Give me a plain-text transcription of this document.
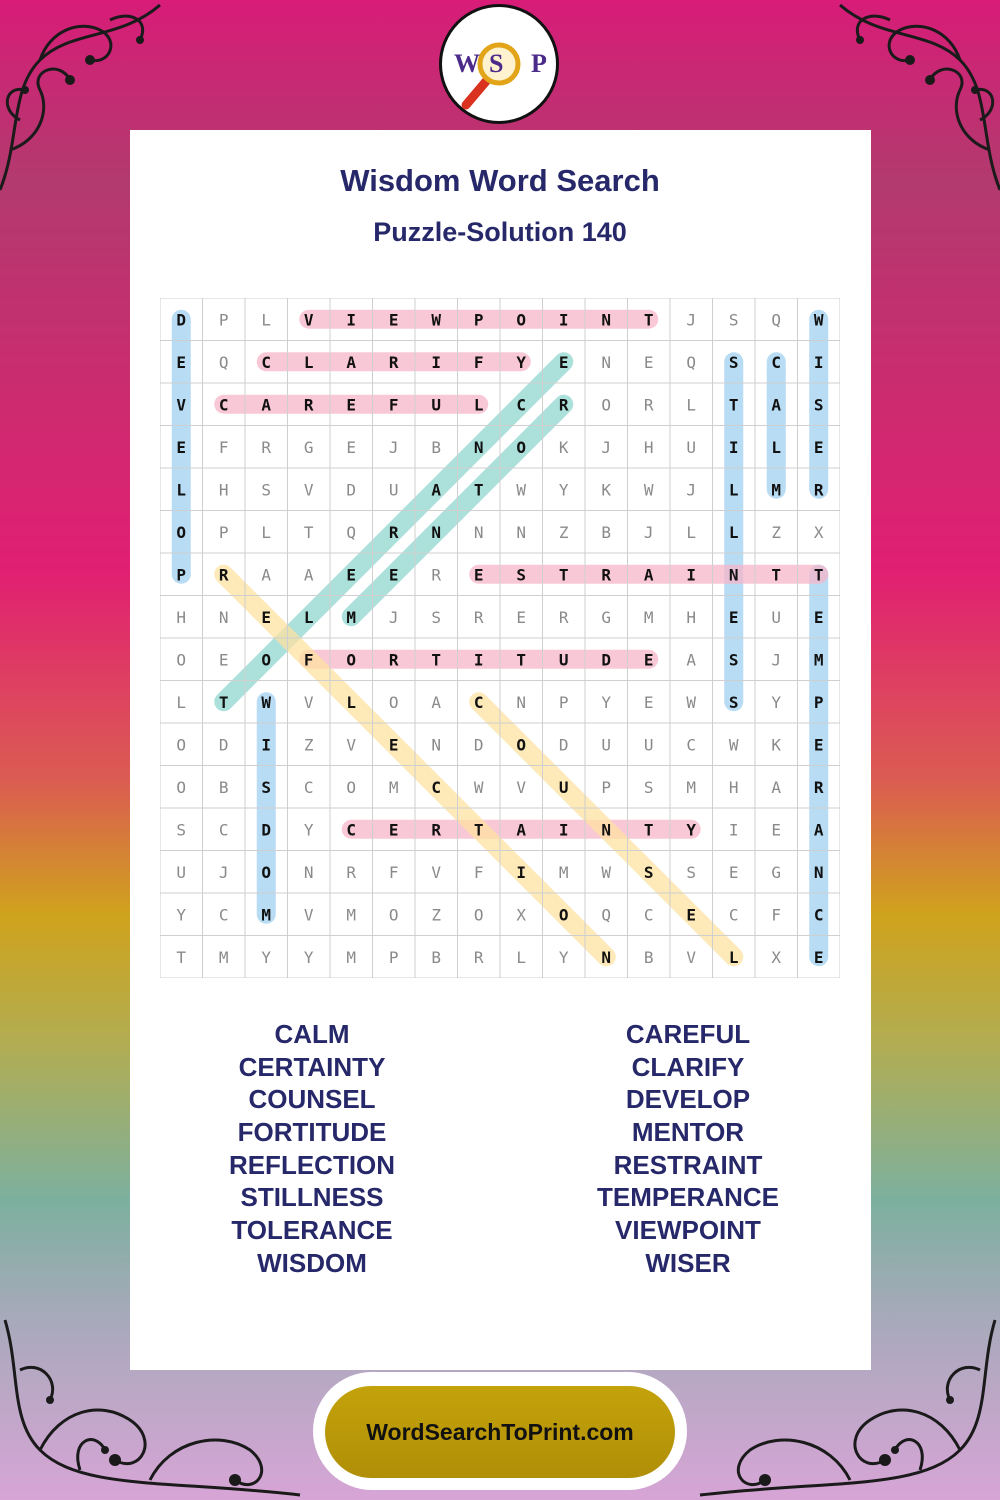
W S P
Wisdom Word Search
Puzzle-Solution 140
D P L V I E W P O I N T J S Q W
E Q C L A R I F Y E N E Q S C I
V C A R E F U L C R O R L T A S
E F R G E J B N O K J H U I L E
L H S V D U A T W Y K W J L M R
O P L T Q R N N N Z B J L L Z X
P R A A E E R E S T R A I N T T
H N E L M J S R E R G M H E U E
O E O F O R T I T U D E A S J M
L T W V L O A C N P Y E W S Y P
O D I Z V E N D O D U U C W K E
O B S C O M C W V U P S M H A R
S C D Y C E R T A I N T Y I E A
U J O N R F V F I M W S S E G N
Y C M V M O Z O X O Q C E C F C
T M Y Y M P B R L Y N B V L X E
CALM
CERTAINTY
COUNSEL
FORTITUDE
REFLECTION
STILLNESS
TOLERANCE
WISDOM
CAREFUL
CLARIFY
DEVELOP
MENTOR
RESTRAINT
TEMPERANCE
VIEWPOINT
WISER
WordSearchToPrint.com
